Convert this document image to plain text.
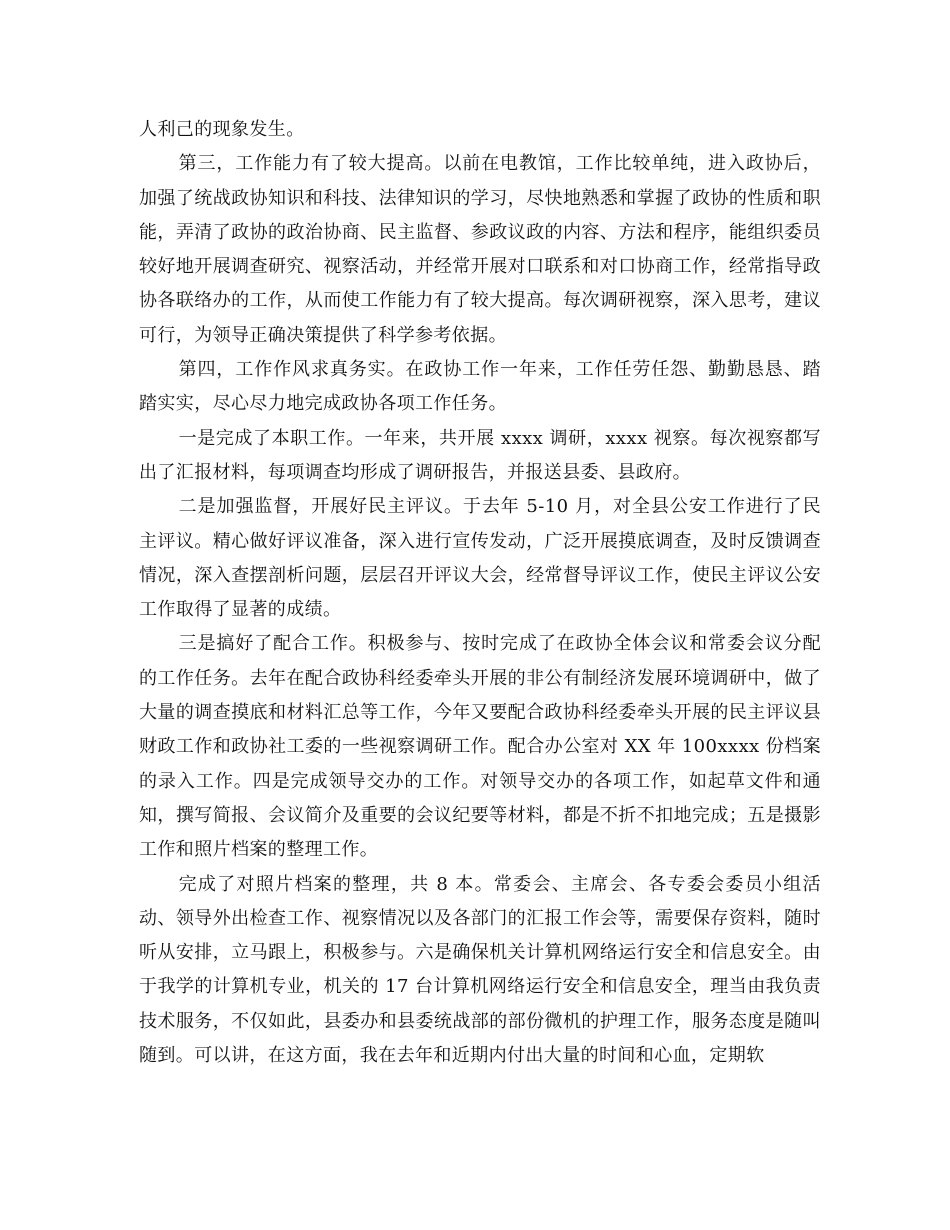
人利己的现象发生。

第三，工作能力有了较大提高。以前在电教馆，工作比较单纯，进入政协后，加强了统战政协知识和科技、法律知识的学习，尽快地熟悉和掌握了政协的性质和职能，弄清了政协的政治协商、民主监督、参政议政的内容、方法和程序，能组织委员较好地开展调查研究、视察活动，并经常开展对口联系和对口协商工作，经常指导政协各联络办的工作，从而使工作能力有了较大提高。每次调研视察，深入思考，建议可行，为领导正确决策提供了科学参考依据。

第四，工作作风求真务实。在政协工作一年来，工作任劳任怨、勤勤恳恳、踏踏实实，尽心尽力地完成政协各项工作任务。

一是完成了本职工作。一年来，共开展 xxxx 调研，xxxx 视察。每次视察都写出了汇报材料，每项调查均形成了调研报告，并报送县委、县政府。

二是加强监督，开展好民主评议。于去年 5-10 月，对全县公安工作进行了民主评议。精心做好评议准备，深入进行宣传发动，广泛开展摸底调查，及时反馈调查情况，深入查摆剖析问题，层层召开评议大会，经常督导评议工作，使民主评议公安工作取得了显著的成绩。

三是搞好了配合工作。积极参与、按时完成了在政协全体会议和常委会议分配的工作任务。去年在配合政协科经委牵头开展的非公有制经济发展环境调研中，做了大量的调查摸底和材料汇总等工作，今年又要配合政协科经委牵头开展的民主评议县财政工作和政协社工委的一些视察调研工作。配合办公室对 XX 年 100xxxx 份档案的录入工作。四是完成领导交办的工作。对领导交办的各项工作，如起草文件和通知，撰写简报、会议简介及重要的会议纪要等材料，都是不折不扣地完成；五是摄影工作和照片档案的整理工作。

完成了对照片档案的整理，共 8 本。常委会、主席会、各专委会委员小组活动、领导外出检查工作、视察情况以及各部门的汇报工作会等，需要保存资料，随时听从安排，立马跟上，积极参与。六是确保机关计算机网络运行安全和信息安全。由于我学的计算机专业，机关的 17 台计算机网络运行安全和信息安全，理当由我负责技术服务，不仅如此，县委办和县委统战部的部份微机的护理工作，服务态度是随叫随到。可以讲，在这方面，我在去年和近期内付出大量的时间和心血，定期软
